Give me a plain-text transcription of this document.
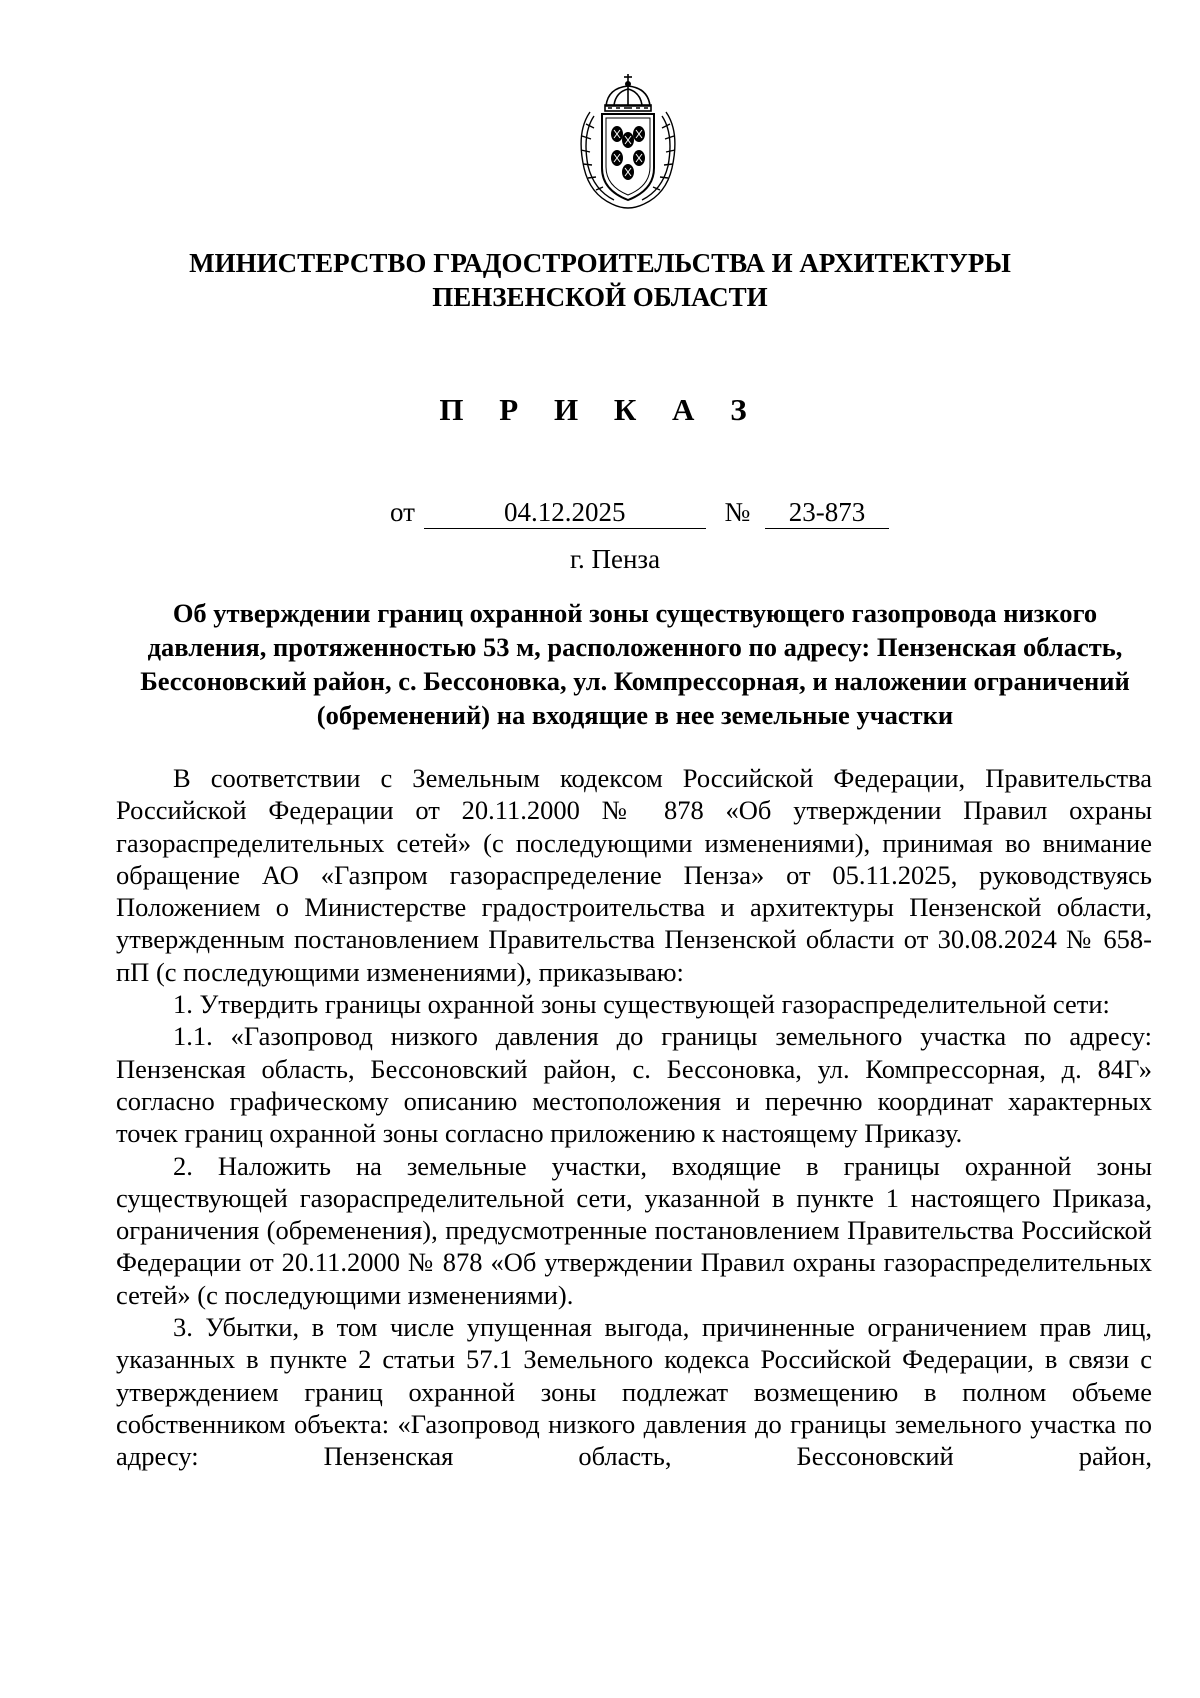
МИНИСТЕРСТВО ГРАДОСТРОИТЕЛЬСТВА И АРХИТЕКТУРЫ
ПЕНЗЕНСКОЙ ОБЛАСТИ
П Р И К А З
от	04.12.2025	№ 23-873
г. Пенза
Об утверждении границ охранной зоны существующего газопровода низкого давления, протяженностью 53 м, расположенного по адресу: Пензенская область, Бессоновский район, с. Бессоновка, ул. Компрессорная, и наложении ограничений (обременений) на входящие в нее земельные участки

В соответствии с Земельным кодексом Российской Федерации, Правительства Российской Федерации от 20.11.2000 № 878 «Об утверждении Правил охраны газораспределительных сетей» (с последующими изменениями), принимая во внимание обращение АО «Газпром газораспределение Пенза» от 05.11.2025, руководствуясь Положением о Министерстве градостроительства и архитектуры Пензенской области, утвержденным постановлением Правительства Пензенской области от 30.08.2024 № 658-пП (с последующими изменениями), приказываю:

1. Утвердить границы охранной зоны существующей газораспределительной сети:

1.1. «Газопровод низкого давления до границы земельного участка по адресу: Пензенская область, Бессоновский район, с. Бессоновка, ул. Компрессорная, д. 84Г» согласно графическому описанию местоположения и перечню координат характерных точек границ охранной зоны согласно приложению к настоящему Приказу.

2. Наложить на земельные участки, входящие в границы охранной зоны существующей газораспределительной сети, указанной в пункте 1 настоящего Приказа, ограничения (обременения), предусмотренные постановлением Правительства Российской Федерации от 20.11.2000 № 878 «Об утверждении Правил охраны газораспределительных сетей» (с последующими изменениями).

3. Убытки, в том числе упущенная выгода, причиненные ограничением прав лиц, указанных в пункте 2 статьи 57.1 Земельного кодекса Российской Федерации, в связи с утверждением границ охранной зоны подлежат возмещению в полном объеме собственником объекта: «Газопровод низкого давления до границы земельного участка по адресу: Пензенская область, Бессоновский район,
